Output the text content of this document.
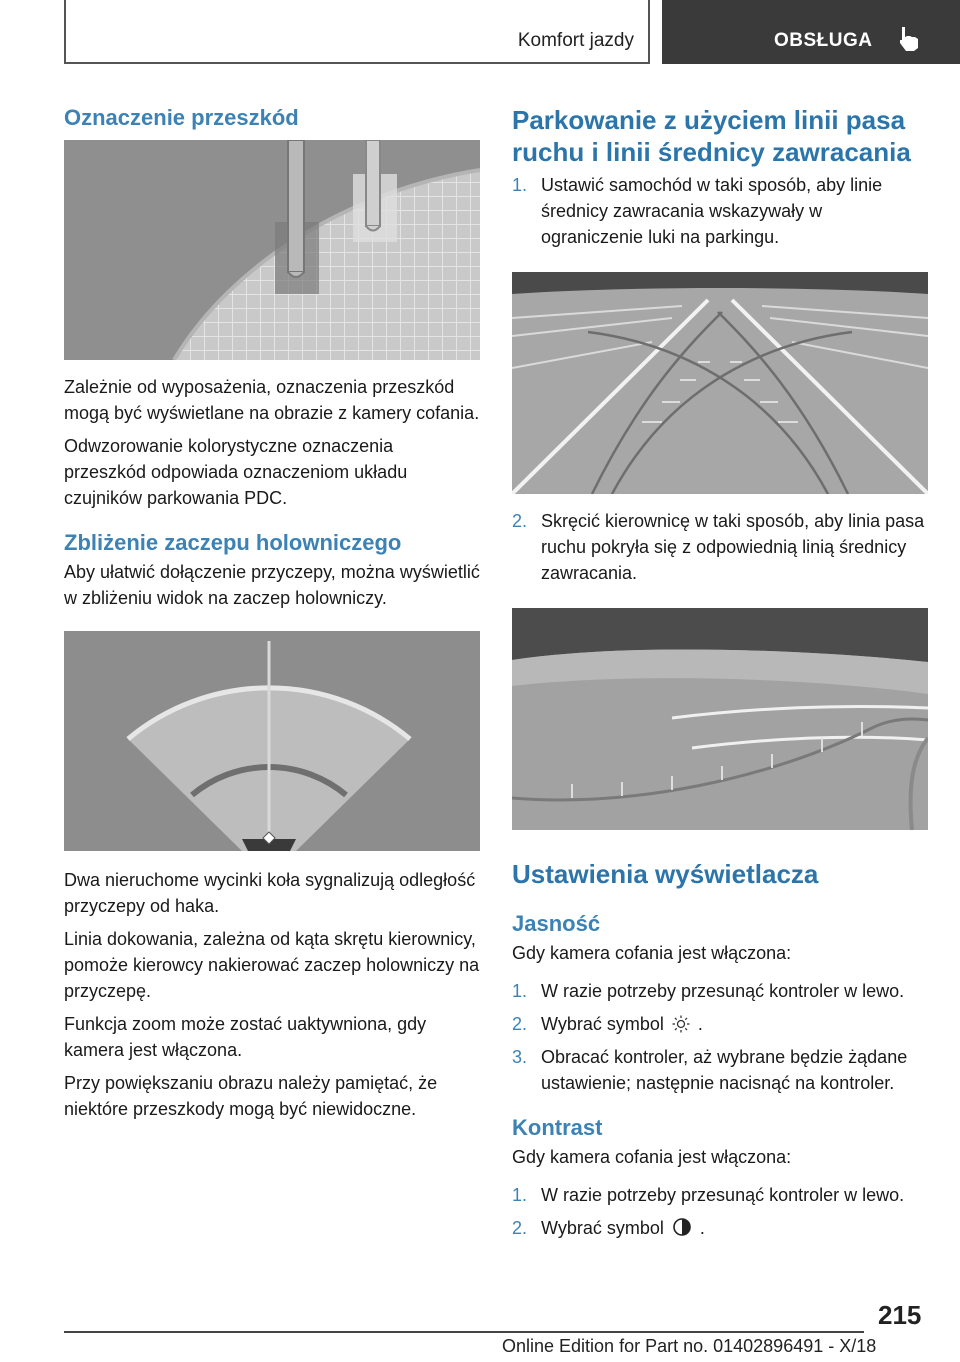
Komfort jazdy	OBSŁUGA
Oznaczenie przeszkód

Zależnie od wyposażenia, oznaczenia przeszkód mogą być wyświetlane na obrazie z kamery cofania.

Odwzorowanie kolorystyczne oznaczenia przeszkód odpowiada oznaczeniom układu czujników parkowania PDC.

Zbliżenie zaczepu holowniczego

Aby ułatwić dołączenie przyczepy, można wyświetlić w zbliżeniu widok na zaczep holowniczy.

Dwa nieruchome wycinki koła sygnalizują odległość przyczepy od haka.

Linia dokowania, zależna od kąta skrętu kierownicy, pomoże kierowcy nakierować zaczep holowniczy na przyczepę.

Funkcja zoom może zostać uaktywniona, gdy kamera jest włączona.

Przy powiększaniu obrazu należy pamiętać, że niektóre przeszkody mogą być niewidoczne.

Parkowanie z użyciem linii pasa ruchu i linii średnicy zawracania
1. Ustawić samochód w taki sposób, aby linie średnicy zawracania wskazywały w ograniczenie luki na parkingu.
2. Skręcić kierownicę w taki sposób, aby linia pasa ruchu pokryła się z odpowiednią linią średnicy zawracania.
Ustawienia wyświetlacza
Jasność

Gdy kamera cofania jest włączona:

1. W razie potrzeby przesunąć kontroler w lewo.
2. Wybrać symbol .
3. Obracać kontroler, aż wybrane będzie żądane ustawienie; następnie nacisnąć na kontroler.
Kontrast

Gdy kamera cofania jest włączona:

1. W razie potrzeby przesunąć kontroler w lewo.
2. Wybrać symbol .
215
Online Edition for Part no. 01402896491 - X/18
